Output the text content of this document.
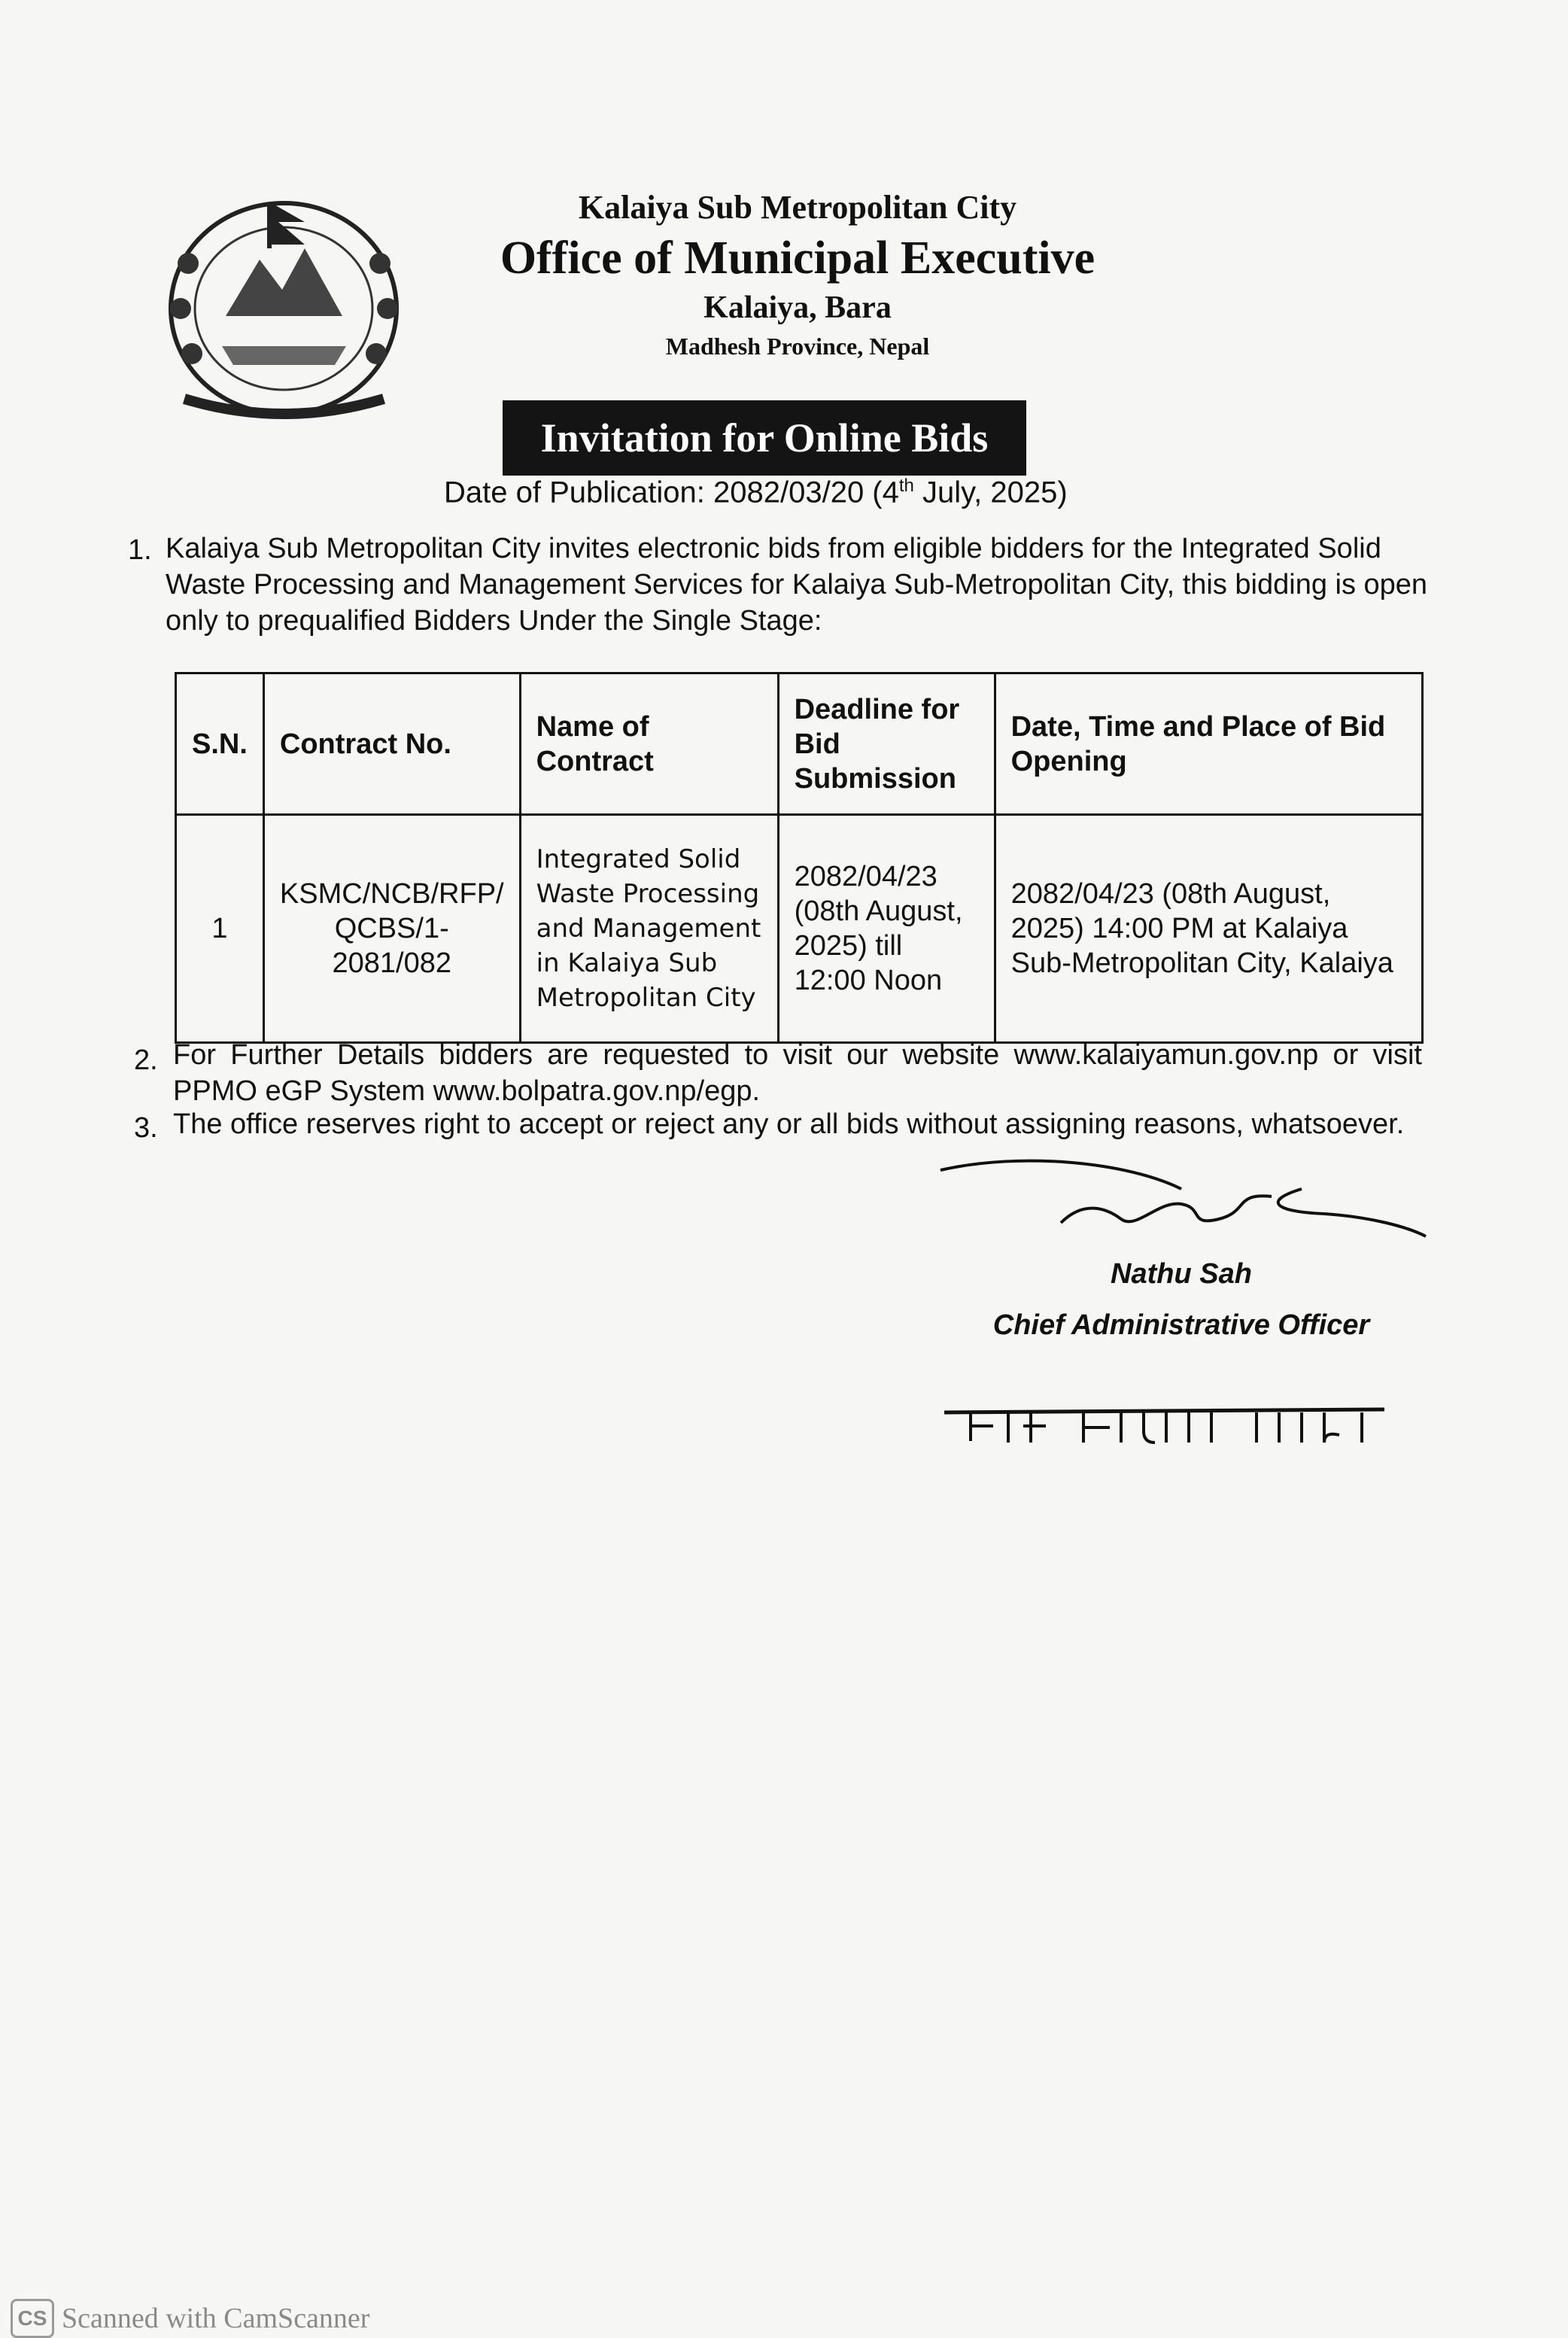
Kalaiya Sub Metropolitan City
Office of Municipal Executive
Kalaiya, Bara
Madhesh Province, Nepal
Invitation for Online Bids
Date of Publication: 2082/03/20 (4th July, 2025)
1. Kalaiya Sub Metropolitan City invites electronic bids from eligible bidders for the Integrated Solid Waste Processing and Management Services for Kalaiya Sub-Metropolitan City, this bidding is open only to prequalified Bidders Under the Single Stage:
S.N.	Contract No.	Name of Contract	Deadline for Bid Submission	Date, Time and Place of Bid Opening
1	KSMC/NCB/RFP/ QCBS/1-2081/082	Integrated Solid Waste Processing and Management in Kalaiya Sub Metropolitan City	2082/04/23 (08th August, 2025) till 12:00 Noon	2082/04/23 (08th August, 2025) 14:00 PM at Kalaiya Sub-Metropolitan City, Kalaiya
2. For Further Details bidders are requested to visit our website www.kalaiyamun.gov.np or visit PPMO eGP System www.bolpatra.gov.np/egp.
3. The office reserves right to accept or reject any or all bids without assigning reasons, whatsoever.
Nathu Sah
Chief Administrative Officer
CS Scanned with CamScanner
